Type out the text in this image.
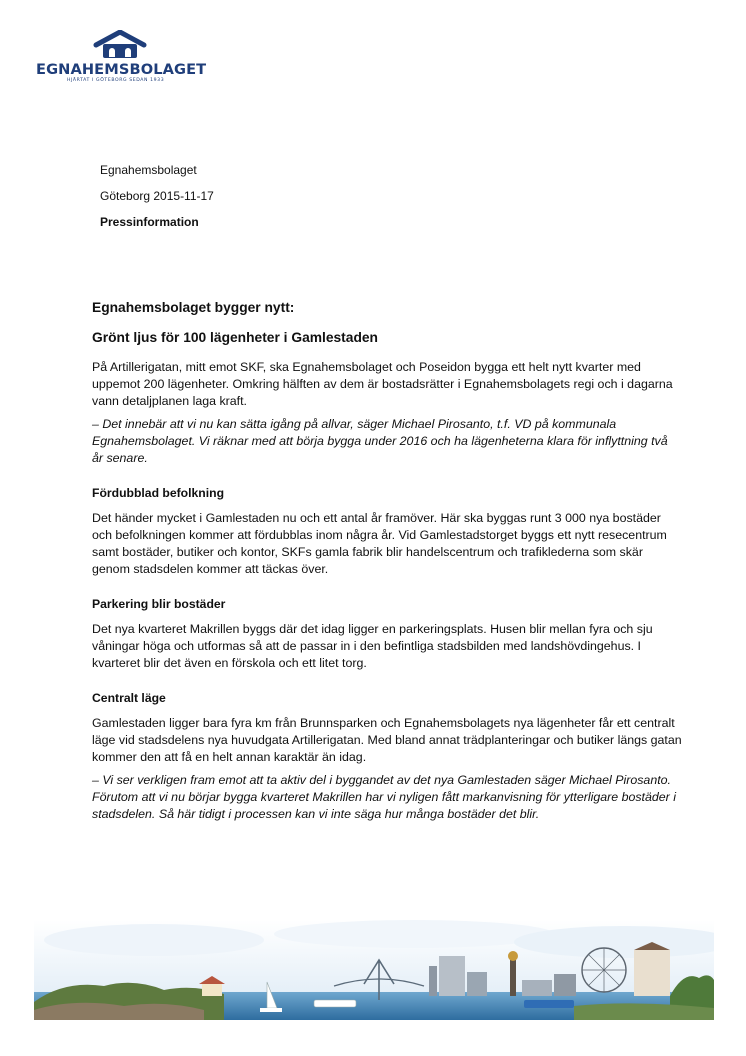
EGNAHEMSBOLAGET
HJÄRTAT I GÖTEBORG SEDAN 1933
Egnahemsbolaget
Göteborg 2015-11-17
Pressinformation
Egnahemsbolaget bygger nytt:
Grönt ljus för 100 lägenheter i Gamlestaden

På Artillerigatan, mitt emot SKF, ska Egnahemsbolaget och Poseidon bygga ett helt nytt kvarter med uppemot 200 lägenheter. Omkring hälften av dem är bostadsrätter i Egnahemsbolagets regi och i dagarna vann detaljplanen laga kraft.

– Det innebär att vi nu kan sätta igång på allvar, säger Michael Pirosanto, t.f. VD på kommunala Egnahemsbolaget. Vi räknar med att börja bygga under 2016 och ha lägenheterna klara för inflyttning två år senare.

Fördubblad befolkning

Det händer mycket i Gamlestaden nu och ett antal år framöver. Här ska byggas runt 3 000 nya bostäder och befolkningen kommer att fördubblas inom några år. Vid Gamlestadstorget byggs ett nytt resecentrum samt bostäder, butiker och kontor, SKFs gamla fabrik blir handelscentrum och trafiklederna som skär genom stadsdelen kommer att täckas över.

Parkering blir bostäder

Det nya kvarteret Makrillen byggs där det idag ligger en parkeringsplats. Husen blir mellan fyra och sju våningar höga och utformas så att de passar in i den befintliga stadsbilden med landshövdingehus. I kvarteret blir det även en förskola och ett litet torg.

Centralt läge

Gamlestaden ligger bara fyra km från Brunnsparken och Egnahemsbolagets nya lägenheter får ett centralt läge vid stadsdelens nya huvudgata Artillerigatan. Med bland annat trädplanteringar och butiker längs gatan kommer den att få en helt annan karaktär än idag.

– Vi ser verkligen fram emot att ta aktiv del i byggandet av det nya Gamlestaden säger Michael Pirosanto. Förutom att vi nu börjar bygga kvarteret Makrillen har vi nyligen fått markanvisning för ytterligare bostäder i stadsdelen. Så här tidigt i processen kan vi inte säga hur många bostäder det blir.
